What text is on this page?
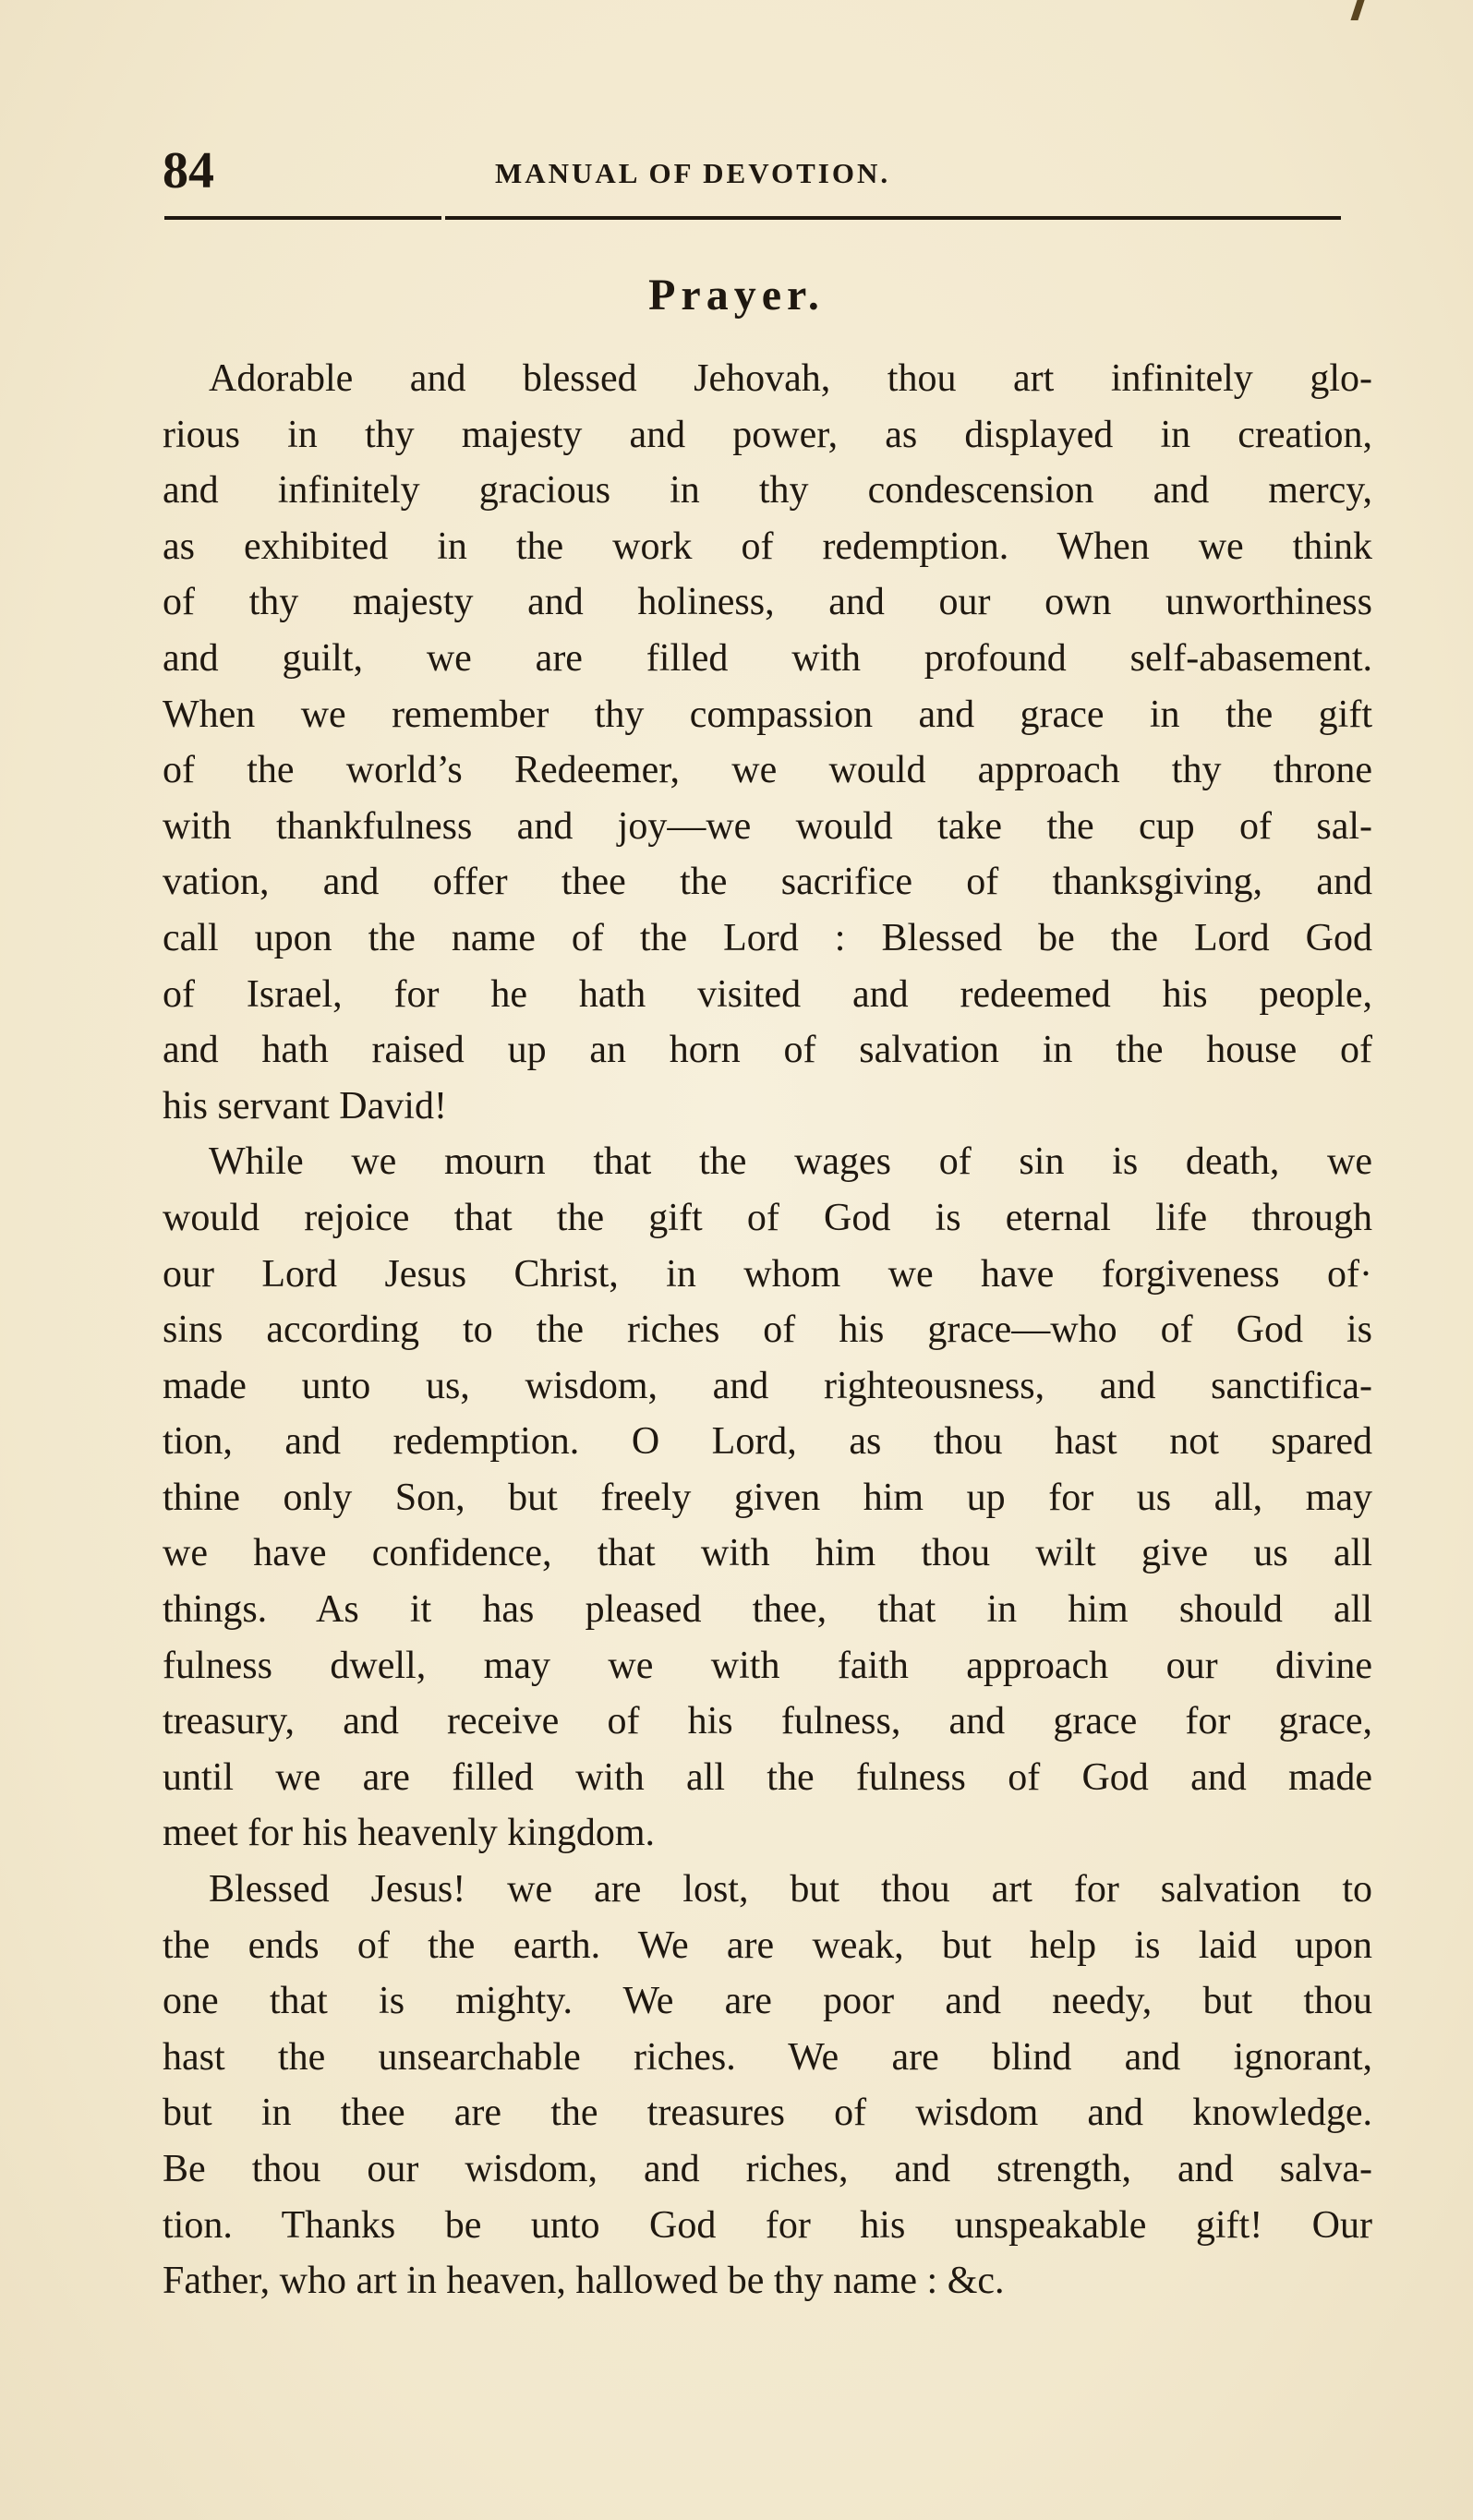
84	MANUAL OF DEVOTION.
Prayer.
Adorable and blessed Jehovah, thou art infinitely glo-
rious in thy majesty and power, as displayed in creation,
and infinitely gracious in thy condescension and mercy,
as exhibited in the work of redemption. When we think
of thy majesty and holiness, and our own unworthiness
and guilt, we are filled with profound self-abasement.
When we remember thy compassion and grace in the gift
of the world’s Redeemer, we would approach thy throne
with thankfulness and joy—we would take the cup of sal-
vation, and offer thee the sacrifice of thanksgiving, and
call upon the name of the Lord : Blessed be the Lord God
of Israel, for he hath visited and redeemed his people,
and hath raised up an horn of salvation in the house of
his servant David!
While we mourn that the wages of sin is death, we
would rejoice that the gift of God is eternal life through
our Lord Jesus Christ, in whom we have forgiveness of·
sins according to the riches of his grace—who of God is
made unto us, wisdom, and righteousness, and sanctifica-
tion, and redemption. O Lord, as thou hast not spared
thine only Son, but freely given him up for us all, may
we have confidence, that with him thou wilt give us all
things. As it has pleased thee, that in him should all
fulness dwell, may we with faith approach our divine
treasury, and receive of his fulness, and grace for grace,
until we are filled with all the fulness of God and made
meet for his heavenly kingdom.
Blessed Jesus! we are lost, but thou art for salvation to
the ends of the earth. We are weak, but help is laid upon
one that is mighty. We are poor and needy, but thou
hast the unsearchable riches. We are blind and ignorant,
but in thee are the treasures of wisdom and knowledge.
Be thou our wisdom, and riches, and strength, and salva-
tion. Thanks be unto God for his unspeakable gift! Our
Father, who art in heaven, hallowed be thy name : &c.
